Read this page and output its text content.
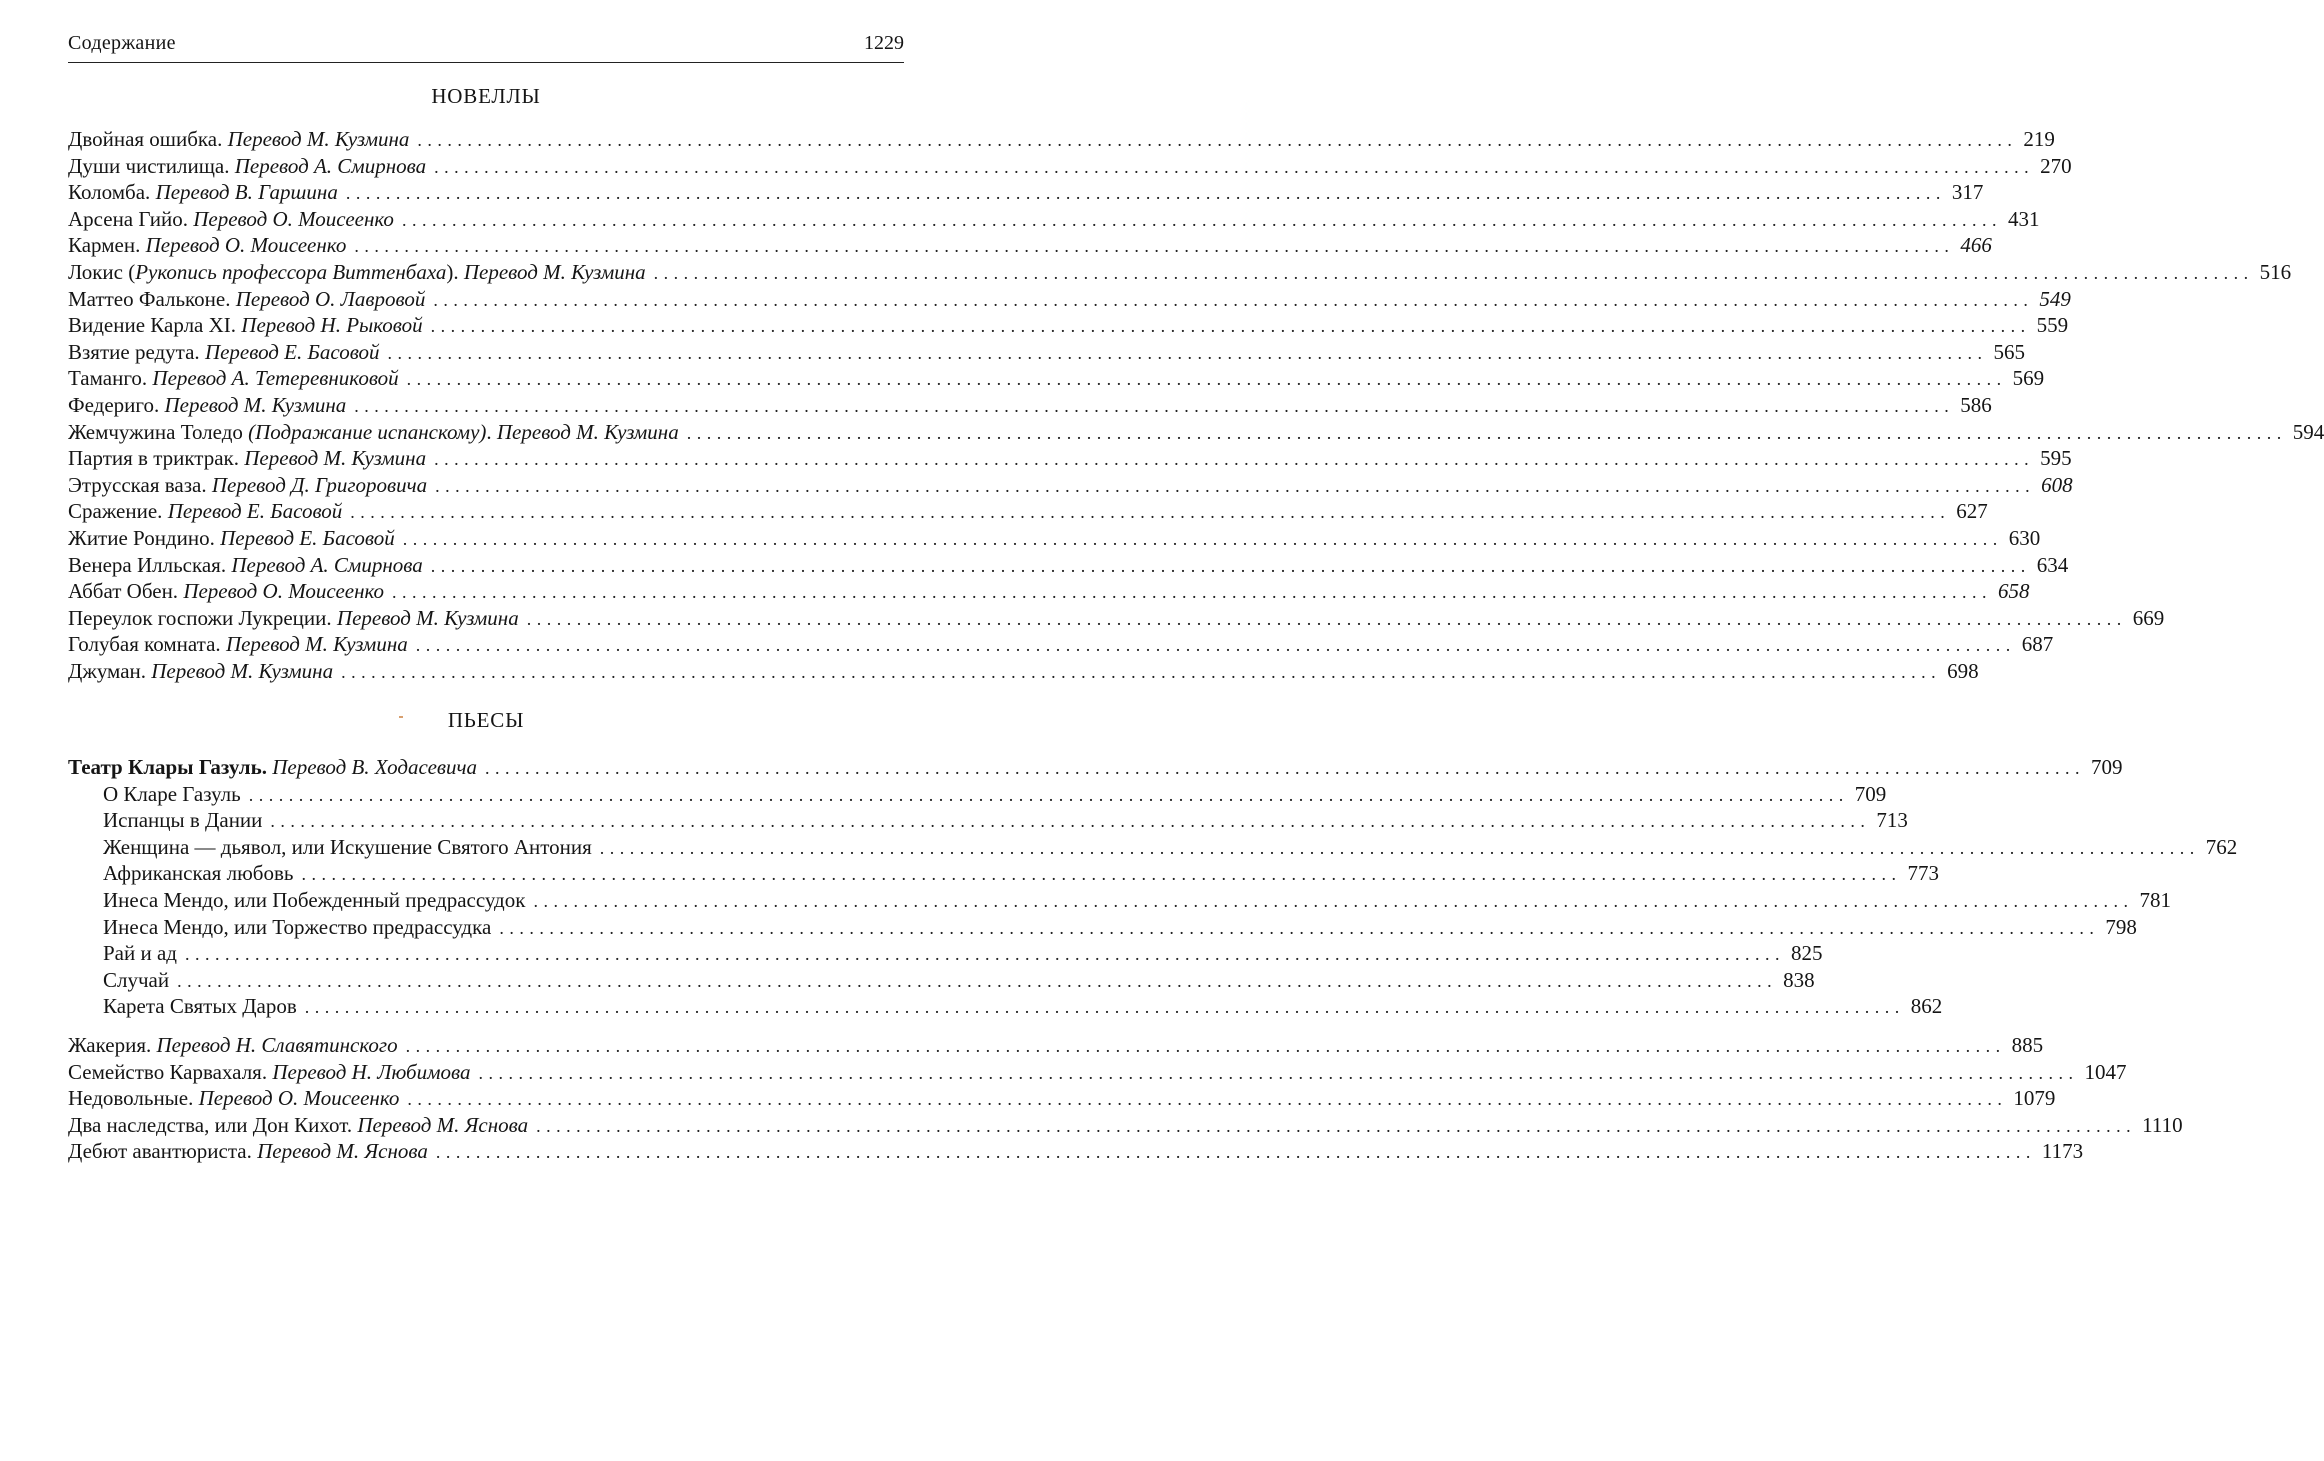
Содержание	1229
НОВЕЛЛЫ
Двойная ошибка. Перевод М. Кузмина ................................................................................................................................................................ 219
Души чистилища. Перевод А. Смирнова ................................................................................................................................................................ 270
Коломба. Перевод В. Гаршина ................................................................................................................................................................ 317
Арсена Гийо. Перевод О. Моисеенко ................................................................................................................................................................ 431
Кармен. Перевод О. Моисеенко ................................................................................................................................................................ 466
Локис (Рукопись профессора Виттенбаха). Перевод М. Кузмина ................................................................................................................................................................ 516
Маттео Фальконе. Перевод О. Лавровой ................................................................................................................................................................ 549
Видение Карла XI. Перевод Н. Рыковой ................................................................................................................................................................ 559
Взятие редута. Перевод Е. Басовой ................................................................................................................................................................ 565
Таманго. Перевод А. Тетеревниковой ................................................................................................................................................................ 569
Федериго. Перевод М. Кузмина ................................................................................................................................................................ 586
Жемчужина Толедо (Подражание испанскому). Перевод М. Кузмина ................................................................................................................................................................ 594
Партия в триктрак. Перевод М. Кузмина ................................................................................................................................................................ 595
Этрусская ваза. Перевод Д. Григоровича ................................................................................................................................................................ 608
Сражение. Перевод Е. Басовой ................................................................................................................................................................ 627
Житие Рондино. Перевод Е. Басовой ................................................................................................................................................................ 630
Венера Илльская. Перевод А. Смирнова ................................................................................................................................................................ 634
Аббат Обен. Перевод О. Моисеенко ................................................................................................................................................................ 658
Переулок госпожи Лукреции. Перевод М. Кузмина ................................................................................................................................................................ 669
Голубая комната. Перевод М. Кузмина ................................................................................................................................................................ 687
Джуман. Перевод М. Кузмина ................................................................................................................................................................ 698
ПЬЕСЫ
Театр Клары Газуль. Перевод В. Ходасевича ................................................................................................................................................................ 709
О Кларе Газуль ................................................................................................................................................................ 709
Испанцы в Дании ................................................................................................................................................................ 713
Женщина — дьявол, или Искушение Святого Антония ................................................................................................................................................................ 762
Африканская любовь ................................................................................................................................................................ 773
Инеса Мендо, или Побежденный предрассудок ................................................................................................................................................................ 781
Инеса Мендо, или Торжество предрассудка ................................................................................................................................................................ 798
Рай и ад ................................................................................................................................................................ 825
Случай ................................................................................................................................................................ 838
Карета Святых Даров ................................................................................................................................................................ 862
Жакерия. Перевод Н. Славятинского ................................................................................................................................................................ 885
Семейство Карвахаля. Перевод Н. Любимова ................................................................................................................................................................ 1047
Недовольные. Перевод О. Моисеенко ................................................................................................................................................................ 1079
Два наследства, или Дон Кихот. Перевод М. Яснова ................................................................................................................................................................ 1110
Дебют авантюриста. Перевод М. Яснова ................................................................................................................................................................ 1173
